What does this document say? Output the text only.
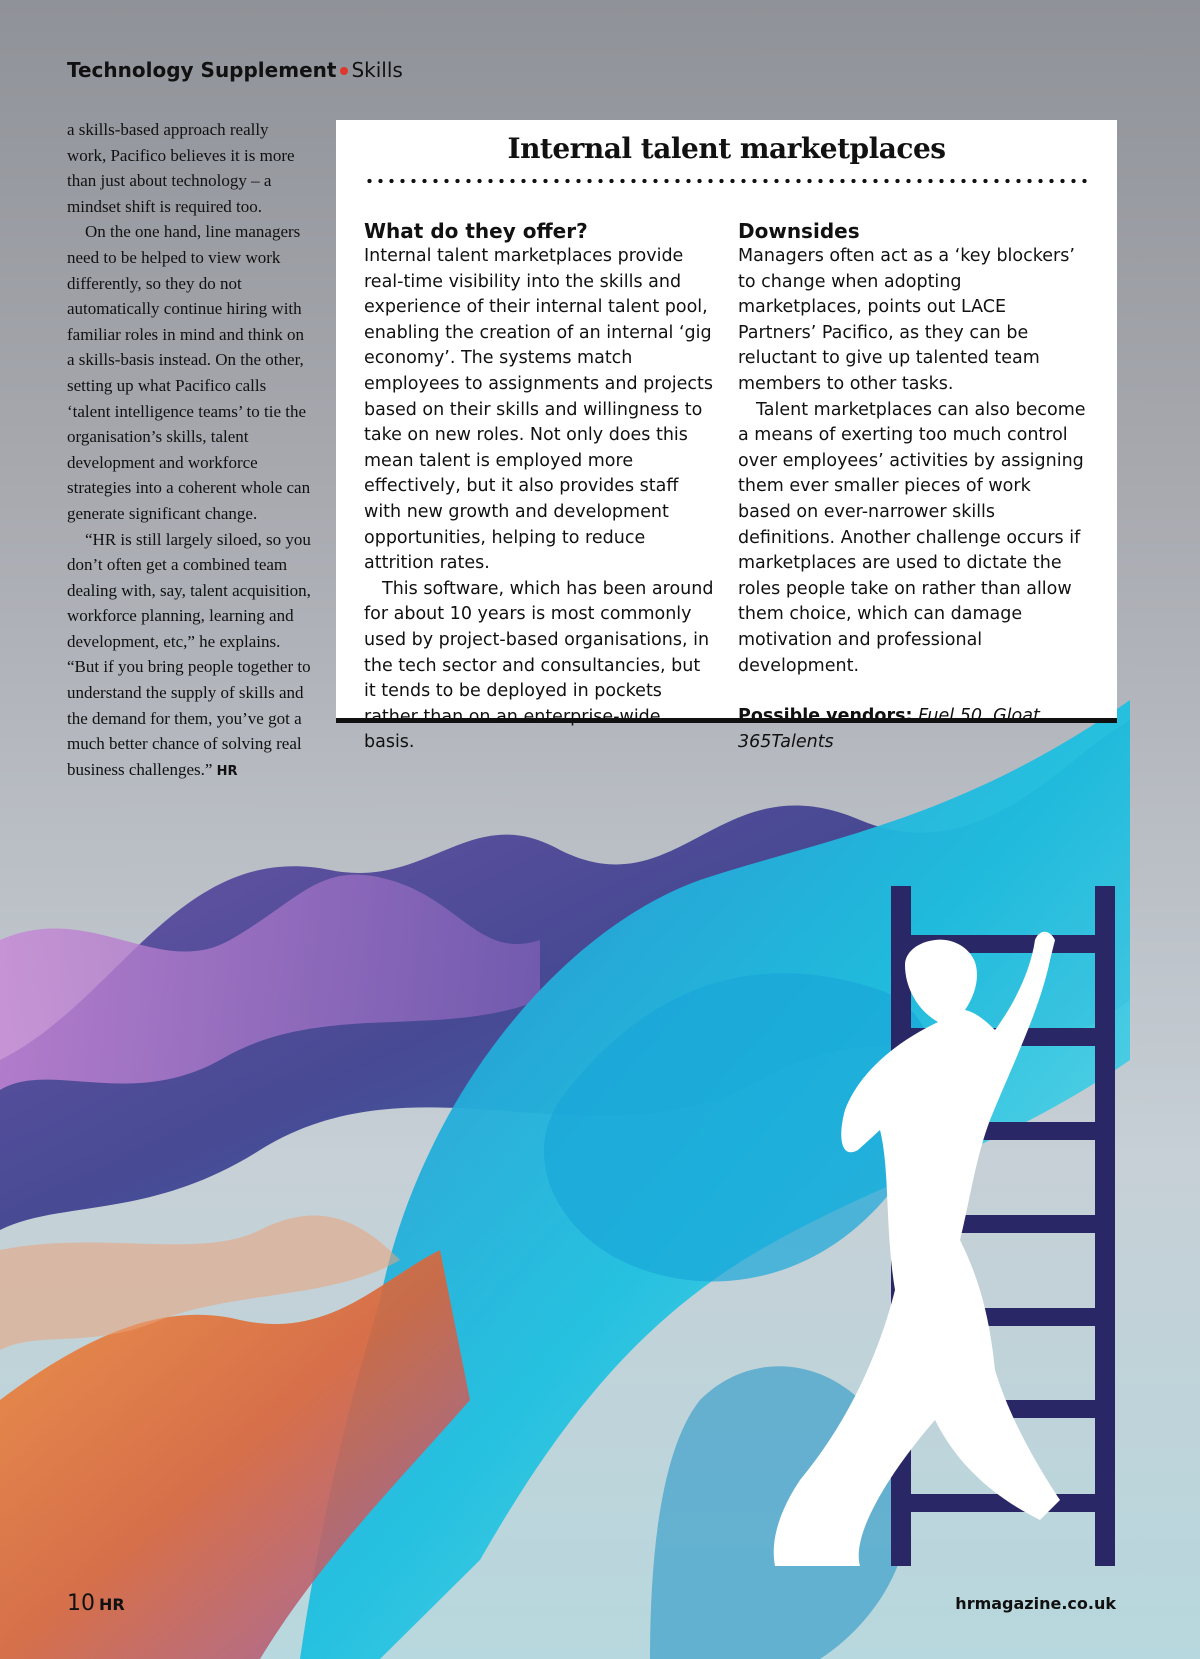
Technology Supplement Skills

a skills-based approach really work, Pacifico believes it is more than just about technology – a mindset shift is required too.

On the one hand, line managers need to be helped to view work differently, so they do not automatically continue hiring with familiar roles in mind and think on a skills-basis instead. On the other, setting up what Pacifico calls ‘talent intelligence teams’ to tie the organisation’s skills, talent development and workforce strategies into a coherent whole can generate significant change.

“HR is still largely siloed, so you don’t often get a combined team dealing with, say, talent acquisition, workforce planning, learning and development, etc,” he explains. “But if you bring people together to understand the supply of skills and the demand for them, you’ve got a much better chance of solving real business challenges.” HR

Internal talent marketplaces
What do they offer?

Internal talent marketplaces provide real-time visibility into the skills and experience of their internal talent pool, enabling the creation of an internal ‘gig economy’. The systems match employees to assignments and projects based on their skills and willingness to take on new roles. Not only does this mean talent is employed more effectively, but it also provides staff with new growth and development opportunities, helping to reduce attrition rates.

This software, which has been around for about 10 years is most commonly used by project-based organisations, in the tech sector and consultancies, but it tends to be deployed in pockets rather than on an enterprise-wide basis.

Downsides

Managers often act as a ‘key blockers’ to change when adopting marketplaces, points out LACE Partners’ Pacifico, as they can be reluctant to give up talented team members to other tasks.

Talent marketplaces can also become a means of exerting too much control over employees’ activities by assigning them ever smaller pieces of work based on ever-narrower skills definitions. Another challenge occurs if marketplaces are used to dictate the roles people take on rather than allow them choice, which can damage motivation and professional development.

Possible vendors: Fuel 50, Gloat, 365Talents

10 HR	hrmagazine.co.uk
